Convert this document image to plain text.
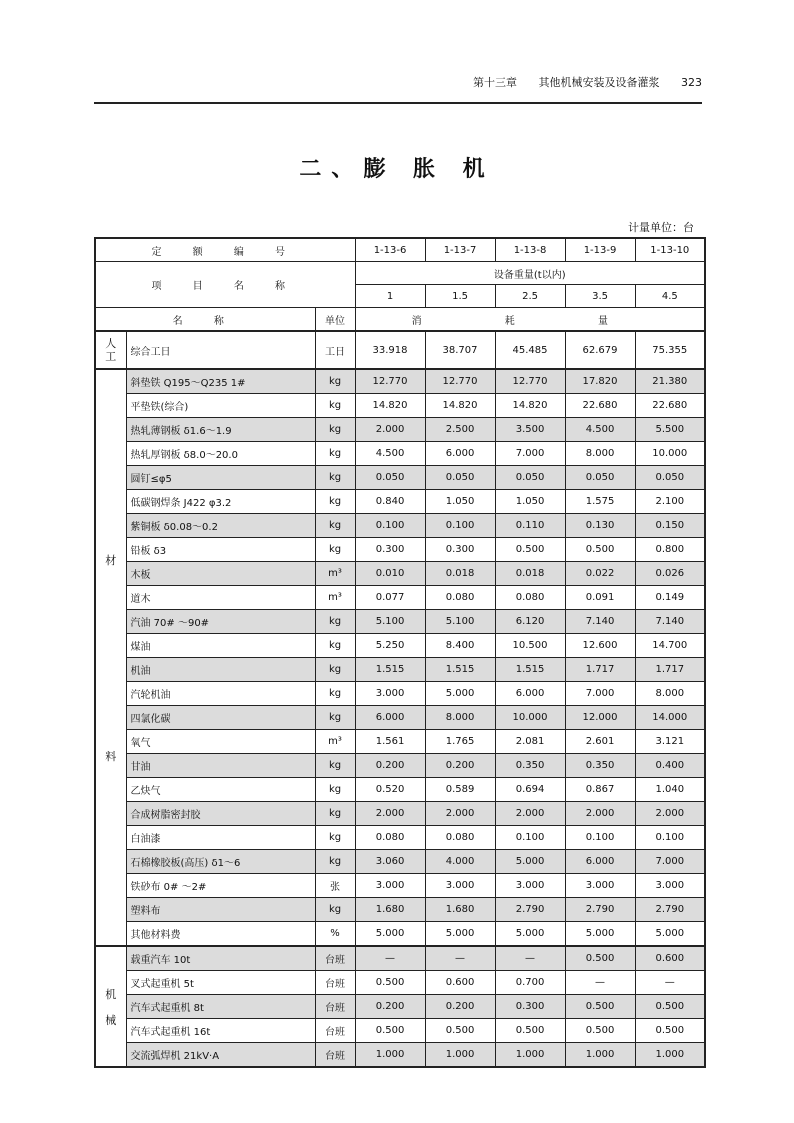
第十三章 其他机械安装及设备灌浆 323
二、膨 胀 机
计量单位：台
定 额 编 号			1-13-6	1-13-7	1-13-8	1-13-9	1-13-10
项 目 名 称			设备重量(t以内)				
			1	1.5	2.5	3.5	4.5
名 称		单位	消 耗 量				
人工	综合工日	工日	33.918	38.707	45.485	62.679	75.355

材
料	斜垫铁 Q195～Q235 1#	kg	12.770	12.770	12.770	17.820	21.380
	平垫铁(综合)	kg	14.820	14.820	14.820	22.680	22.680
	热轧薄钢板 δ1.6～1.9	kg	2.000	2.500	3.500	4.500	5.500
	热轧厚钢板 δ8.0～20.0	kg	4.500	6.000	7.000	8.000	10.000
	圆钉≤φ5	kg	0.050	0.050	0.050	0.050	0.050
	低碳钢焊条 J422 φ3.2	kg	0.840	1.050	1.050	1.575	2.100
	紫铜板 δ0.08～0.2	kg	0.100	0.100	0.110	0.130	0.150
	铅板 δ3	kg	0.300	0.300	0.500	0.500	0.800
	木板	m³	0.010	0.018	0.018	0.022	0.026
	道木	m³	0.077	0.080	0.080	0.091	0.149
	汽油 70# ～90#	kg	5.100	5.100	6.120	7.140	7.140
	煤油	kg	5.250	8.400	10.500	12.600	14.700
	机油	kg	1.515	1.515	1.515	1.717	1.717
	汽轮机油	kg	3.000	5.000	6.000	7.000	8.000
	四氯化碳	kg	6.000	8.000	10.000	12.000	14.000
	氧气	m³	1.561	1.765	2.081	2.601	3.121
	甘油	kg	0.200	0.200	0.350	0.350	0.400
	乙炔气	kg	0.520	0.589	0.694	0.867	1.040
	合成树脂密封胶	kg	2.000	2.000	2.000	2.000	2.000
	白油漆	kg	0.080	0.080	0.100	0.100	0.100
	石棉橡胶板(高压) δ1～6	kg	3.060	4.000	5.000	6.000	7.000
	铁砂布 0# ～2#	张	3.000	3.000	3.000	3.000	3.000
	塑料布	kg	1.680	1.680	2.790	2.790	2.790
	其他材料费	%	5.000	5.000	5.000	5.000	5.000

机
械	载重汽车 10t	台班	—	—	—	0.500	0.600
	叉式起重机 5t	台班	0.500	0.600	0.700	—	—
	汽车式起重机 8t	台班	0.200	0.200	0.300	0.500	0.500
	汽车式起重机 16t	台班	0.500	0.500	0.500	0.500	0.500
	交流弧焊机 21kV·A	台班	1.000	1.000	1.000	1.000	1.000
